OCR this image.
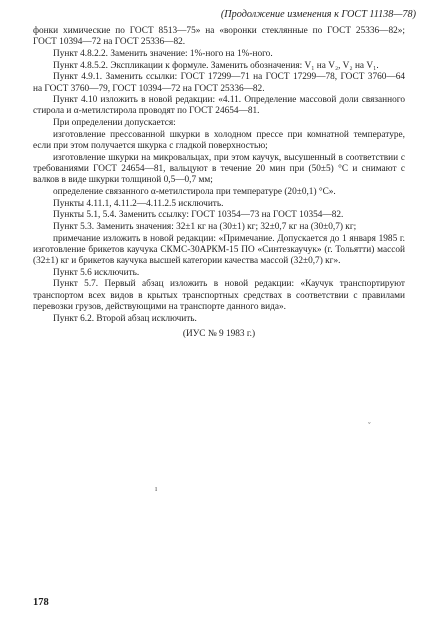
(Продолжение изменения к ГОСТ 11138—78)

фонки химические по ГОСТ 8513—75» на «воронки стеклянные по ГОСТ 25336—82»; ГОСТ 10394—72 на ГОСТ 25336—82.

Пункт 4.8.2.2. Заменить значение: 1%-ного на 1%-ного.

Пункт 4.8.5.2. Экспликации к формуле. Заменить обозначения: V₁ на V₂, V₂ на V₁.

Пункт 4.9.1. Заменить ссылки: ГОСТ 17299—71 на ГОСТ 17299—78, ГОСТ 3760—64 на ГОСТ 3760—79, ГОСТ 10394—72 на ГОСТ 25336—82.

Пункт 4.10 изложить в новой редакции: «4.11. Определение массовой доли связанного стирола и α-метилстирола проводят по ГОСТ 24654—81.

При определении допускается:

изготовление прессованной шкурки в холодном прессе при комнатной температуре, если при этом получается шкурка с гладкой поверхностью;

изготовление шкурки на микровальцах, при этом каучук, высушенный в соответствии с требованиями ГОСТ 24654—81, вальцуют в течение 20 мин при (50±5) °С и снимают с валков в виде шкурки толщиной 0,5—0,7 мм;

определение связанного α-метилстирола при температуре (20±0,1) °С».

Пункты 4.11.1, 4.11.2—4.11.2.5 исключить.

Пункты 5.1, 5.4. Заменить ссылку: ГОСТ 10354—73 на ГОСТ 10354—82.

Пункт 5.3. Заменить значения: 32±1 кг на (30±1) кг; 32±0,7 кг на (30±0,7) кг;

примечание изложить в новой редакции: «Примечание. Допускается до 1 января 1985 г. изготовление брикетов каучука СКМС-30АРКМ-15 ПО «Синтезкаучук» (г. Тольятти) массой (32±1) кг и брикетов каучука высшей категории качества массой (32±0,7) кг».

Пункт 5.6 исключить.

Пункт 5.7. Первый абзац изложить в новой редакции: «Каучук транспортируют транспортом всех видов в крытых транспортных средствах в соответствии с правилами перевозки грузов, действующими на транспорте данного вида».

Пункт 6.2. Второй абзац исключить.

(ИУС № 9 1983 г.)

ˇ
ı
178
